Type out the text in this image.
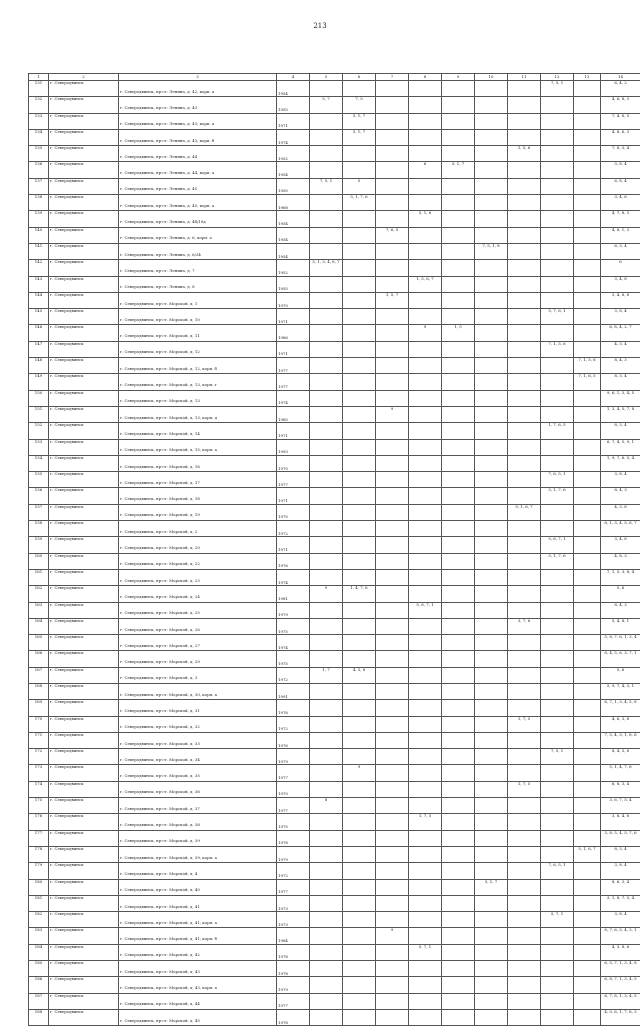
213
1	2	3	4	5	6	7	8	9	10	11	12	13	14
131	г. Северодвинск	г. Северодвинск, пр-ст. Ленина, д. 42, корп. а	1954								7, 5, 1		6, 4, 2
132	г. Северодвинск	г. Северодвинск, пр-ст. Ленина, д. 43	1955	5, 7	7, 5								4, 6, 8, 3
133	г. Северодвинск	г. Северодвинск, пр-ст. Ленина, д. 43, корп. а	1971		5, 1, 7								7, 4, 6, 5
134	г. Северодвинск	г. Северодвинск, пр-ст. Ленина, д. 43, корп. б	1974		5, 1, 7								4, 8, 6, 3
135	г. Северодвинск	г. Северодвинск, пр-ст. Ленина, д. 44	1952							1, 5, 6			7, 8, 3, 4
136	г. Северодвинск	г. Северодвинск, пр-ст. Ленина, д. 44, корп. а	1954				6	5, 1, 7					3, 8, 4
137	г. Северодвинск	г. Северодвинск, пр-ст. Ленина, д. 45	1955	7, 5, 1	5								6, 8, 4
138	г. Северодвинск	г. Северодвинск, пр-ст. Ленина, д. 45, корп. а	1968		5, 1, 7, 6								3, 4, 6
139	г. Северодвинск	г. Северодвинск, пр-ст. Ленина, д. 4б/10д	1954				5, 1, 6						4, 7, 8, 3
140	г. Северодвинск	г. Северодвинск, пр-ст. Ленина, д. 6, корп. а	1954			7, 6, 5							4, 8, 1, 3
141	г. Северодвинск	г. Северодвинск, пр-ст. Ленина, д. 6/34	1954						7, 5, 1, 8				6, 3, 4
142	г. Северодвинск	г. Северодвинск, пр-ст. Ленина, д. 7	1952	5, 1, 3, 4, 8, 7									6
143	г. Северодвинск	г. Северодвинск, пр-ст. Ленина, д. 8	1955				1, 5, 6, 7						3, 4, 8
144	г. Северодвинск	г. Северодвинск, пр-ст. Морской, д. 1	1970			1, 5, 7							3, 4, 6, 8
145	г. Северодвинск	г. Северодвинск, пр-ст. Морской, д. 10	1971								5, 7, 6, 1		3, 8, 4
146	г. Северодвинск	г. Северодвинск, пр-ст. Морской, д. 11	1986				9	1, 5					6, 8, 4, 2, 7
147	г. Северодвинск	г. Северодвинск, пр-ст. Морской, д. 12	1971								7, 1, 5, 6		4, 3, 4
148	г. Северодвинск	г. Северодвинск, пр-ст. Морской, д. 12, корп. б	1977									7, 1, 5, 6	8, 4, 3
149	г. Северодвинск	г. Северодвинск, пр-ст. Морской, д. 13, корп. г	1977									7, 1, 6, 5	8, 3, 4
150	г. Северодвинск	г. Северодвинск, пр-ст. Морской, д. 13	1974										9, 6, 1, 3, 4, 5
151	г. Северодвинск	г. Северодвинск, пр-ст. Морской, д. 13, корп. д	1985			9							1, 3, 4, 5, 7, 8
152	г. Северодвинск	г. Северодвинск, пр-ст. Морской, д. 14	1971								1, 7, 6, 5		8, 3, 4
153	г. Северодвинск	г. Северодвинск, пр-ст. Морской, д. 15, корп. а	1993										6, 7, 4, 5, 9, 1
154	г. Северодвинск	г. Северодвинск, пр-ст. Морской, д. 16	1970										1, 9, 7, 6, 5, 4
155	г. Северодвинск	г. Северодвинск, пр-ст. Морской, д. 17	1977								7, 6, 5, 1		3, 8, 4
156	г. Северодвинск	г. Северодвинск, пр-ст. Морской, д. 18	1971								5, 1, 7, 6		8, 4, 3
157	г. Северодвинск	г. Северодвинск, пр-ст. Морской, д. 19	1975							5, 1, 6, 7			4, 3, 8
158	г. Северодвинск	г. Северодвинск, пр-ст. Морской, д. 2	1972										8, 1, 3, 4, 5, 6, 7
159	г. Северодвинск	г. Северодвинск, пр-ст. Морской, д. 20	1971								5, 6, 7, 1		3, 4, 8
160	г. Северодвинск	г. Северодвинск, пр-ст. Морской, д. 22	1976								5, 1, 7, 6		4, 8, 3
161	г. Северодвинск	г. Северодвинск, пр-ст. Морской, д. 23	1974										7, 1, 5, 3, 8, 4
162	г. Северодвинск	г. Северодвинск, пр-ст. Морской, д. 24	1981	9	1, 4, 7, 8								5, 6
163	г. Северодвинск	г. Северодвинск, пр-ст. Морской, д. 25	1979				5, 6, 7, 1						8, 4, 3
164	г. Северодвинск	г. Северодвинск, пр-ст. Морской, д. 26	1975							3, 7, 6			5, 4, 8, 1
165	г. Северодвинск	г. Северодвинск, пр-ст. Морской, д. 27	1974										5, 8, 7, 6, 1, 3, 4
166	г. Северодвинск	г. Северодвинск, пр-ст. Морской, д. 29	1975										8, 4, 5, 6, 3, 7, 1
167	г. Северодвинск	г. Северодвинск, пр-ст. Морской, д. 3	1972	1, 7	4, 3, 8								5, 6
168	г. Северодвинск	г. Северодвинск, пр-ст. Морской, д. 30, корп. а	1991										5, 9, 7, 4, 3, 1
169	г. Северодвинск	г. Северодвинск, пр-ст. Морской, д. 31	1976										6, 7, 1, 3, 4, 5, 8
170	г. Северодвинск	г. Северодвинск, пр-ст. Морской, д. 32	1972							1, 7, 5			4, 6, 3, 8
171	г. Северодвинск	г. Северодвинск, пр-ст. Морской, д. 33	1976										7, 5, 4, 3, 1, 8, 6
172	г. Северодвинск	г. Северодвинск, пр-ст. Морской, д. 34	1979								7, 5, 1		8, 4, 3, 6
173	г. Северодвинск	г. Северодвинск, пр-ст. Морской, д. 35	1977		9								5, 1, 4, 7, 8
174	г. Северодвинск	г. Северодвинск, пр-ст. Морской, д. 36	1970							1, 7, 5			6, 8, 3, 4
175	г. Северодвинск	г. Северодвинск, пр-ст. Морской, д. 37	1977	8									3, 6, 7, 5, 4
176	г. Северодвинск	г. Северодвинск, пр-ст. Морской, д. 38	1975				1, 7, 5						3, 8, 4, 6
177	г. Северодвинск	г. Северодвинск, пр-ст. Морской, д. 39	1978										3, 8, 5, 4, 5, 7, 6
178	г. Северодвинск	г. Северодвинск, пр-ст. Морской, д. 39, корп. а	1979									5, 1, 6, 7	8, 3, 4
179	г. Северодвинск	г. Северодвинск, пр-ст. Морской, д. 4	1972								7, 6, 5, 1		3, 8, 4
180	г. Северодвинск	г. Северодвинск, пр-ст. Морской, д. 40	1977						5, 1, 7				8, 6, 3, 4
181	г. Северодвинск	г. Северодвинск, пр-ст. Морской, д. 41	1973										3, 1, 8, 7, 5, 4
182	г. Северодвинск	г. Северодвинск, пр-ст. Морской, д. 41, корп. а	1973								5, 7, 1		3, 8, 4
183	г. Северодвинск	г. Северодвинск, пр-ст. Морской, д. 41, корп. б	1984			9							8, 7, 6, 5, 4, 3, 1
184	г. Северодвинск	г. Северодвинск, пр-ст. Морской, д. 42	1978				5, 7, 1						4, 3, 8, 6
185	г. Северодвинск	г. Северодвинск, пр-ст. Морской, д. 43	1978										6, 5, 7, 1, 3, 4, 8
186	г. Северодвинск	г. Северодвинск, пр-ст. Морской, д. 43, корп. а	1979										6, 8, 7, 1, 3, 4, 5
187	г. Северодвинск	г. Северодвинск, пр-ст. Морской, д. 44	1977										6, 7, 8, 1, 3, 4, 5
188	г. Северодвинск	г. Северодвинск, пр-ст. Морской, д. 45	1978										4, 5, 6, 1, 7, 8, 3
